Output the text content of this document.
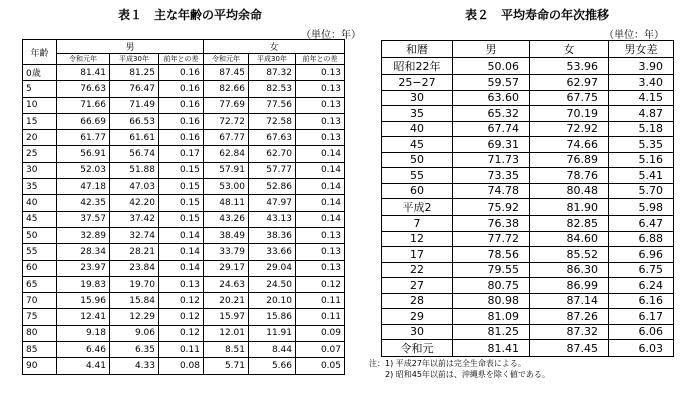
表１　主な年齢の平均余命
（単位：年）
年齢	男			女		
	令和元年	平成30年	前年との差	令和元年	平成30年	前年との差
0歳	81.41	81.25	0.16	87.45	87.32	0.13
5	76.63	76.47	0.16	82.66	82.53	0.13
10	71.66	71.49	0.16	77.69	77.56	0.13
15	66.69	66.53	0.16	72.72	72.58	0.13
20	61.77	61.61	0.16	67.77	67.63	0.13
25	56.91	56.74	0.17	62.84	62.70	0.14
30	52.03	51.88	0.15	57.91	57.77	0.14
35	47.18	47.03	0.15	53.00	52.86	0.14
40	42.35	42.20	0.15	48.11	47.97	0.14
45	37.57	37.42	0.15	43.26	43.13	0.14
50	32.89	32.74	0.14	38.49	38.36	0.13
55	28.34	28.21	0.14	33.79	33.66	0.13
60	23.97	23.84	0.14	29.17	29.04	0.13
65	19.83	19.70	0.13	24.63	24.50	0.12
70	15.96	15.84	0.12	20.21	20.10	0.11
75	12.41	12.29	0.12	15.97	15.86	0.11
80	9.18	9.06	0.12	12.01	11.91	0.09
85	6.46	6.35	0.11	8.51	8.44	0.07
90	4.41	4.33	0.08	5.71	5.66	0.05
表２　平均寿命の年次推移
（単位：年）
和暦	男	女	男女差
昭和22年	50.06	53.96	3.90
25−27	59.57	62.97	3.40
30	63.60	67.75	4.15
35	65.32	70.19	4.87
40	67.74	72.92	5.18
45	69.31	74.66	5.35
50	71.73	76.89	5.16
55	73.35	78.76	5.41
60	74.78	80.48	5.70
平成2	75.92	81.90	5.98
7	76.38	82.85	6.47
12	77.72	84.60	6.88
17	78.56	85.52	6.96
22	79.55	86.30	6.75
27	80.75	86.99	6.24
28	80.98	87.14	6.16
29	81.09	87.26	6.17
30	81.25	87.32	6.06
令和元	81.41	87.45	6.03
注：1) 平成27年以前は完全生命表による。
　　2) 昭和45年以前は、沖縄県を除く値である。
